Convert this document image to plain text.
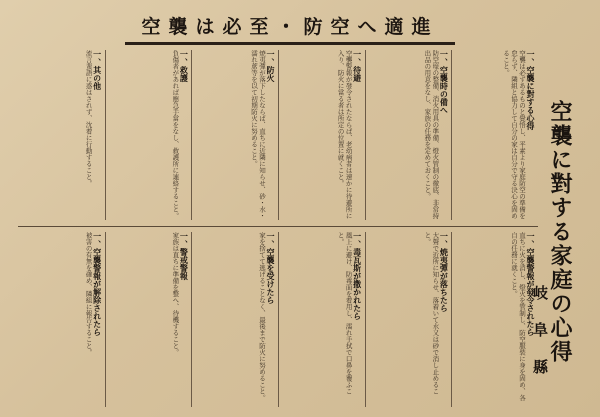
空襲は必至・防空へ適進
空襲に對する家庭の心得
岐阜縣
一、空襲に對する心得
空襲は必ずあるものと覺悟し、平素より家庭防空の準備を怠らず、隣組と協力して自分の家は自分で守る決心を固めること。
一、空襲時の備へ
防空壕の整備、消火用具の準備、燈火管制の徹底、非常持出品の用意をなし、家族の任務を定めておくこと。
一、待避
空襲警報が發令されたならば、老幼病者は速かに待避所に入り、防火に當る者は所定の位置に就くこと。
一、防火
焼夷彈が落下したならば、直ちに近隣に知らせ、砂・水・濡れ蓆等を以て初期防火に努めること。
一、救護
負傷者があれば應急手當をなし、救護所に連絡すること。
一、其の他
流言蜚語に惑はされず、沈着に行動すること。
一、空襲警報が發令されたら
直ちに火を消し、燈火を管制し、防空服裝に身を固め、各自の任務に就くこと。
一、焼夷彈が落ちたら
大聲で近所に知らせ、落着いて水又は砂で消し止めること。
一、毒瓦斯が撒かれたら
風上に避け、防毒面を着用し、濡れ手拭で口鼻を覆ふこと。
一、空襲を受けたら
家を捨てて逃げることなく、最後まで防火に努めること。
一、警戒警報
家族は直ちに準備を整へ、待機すること。
一、空襲警報が解除されたら
被害の有無を確め、隣組に報告すること。
